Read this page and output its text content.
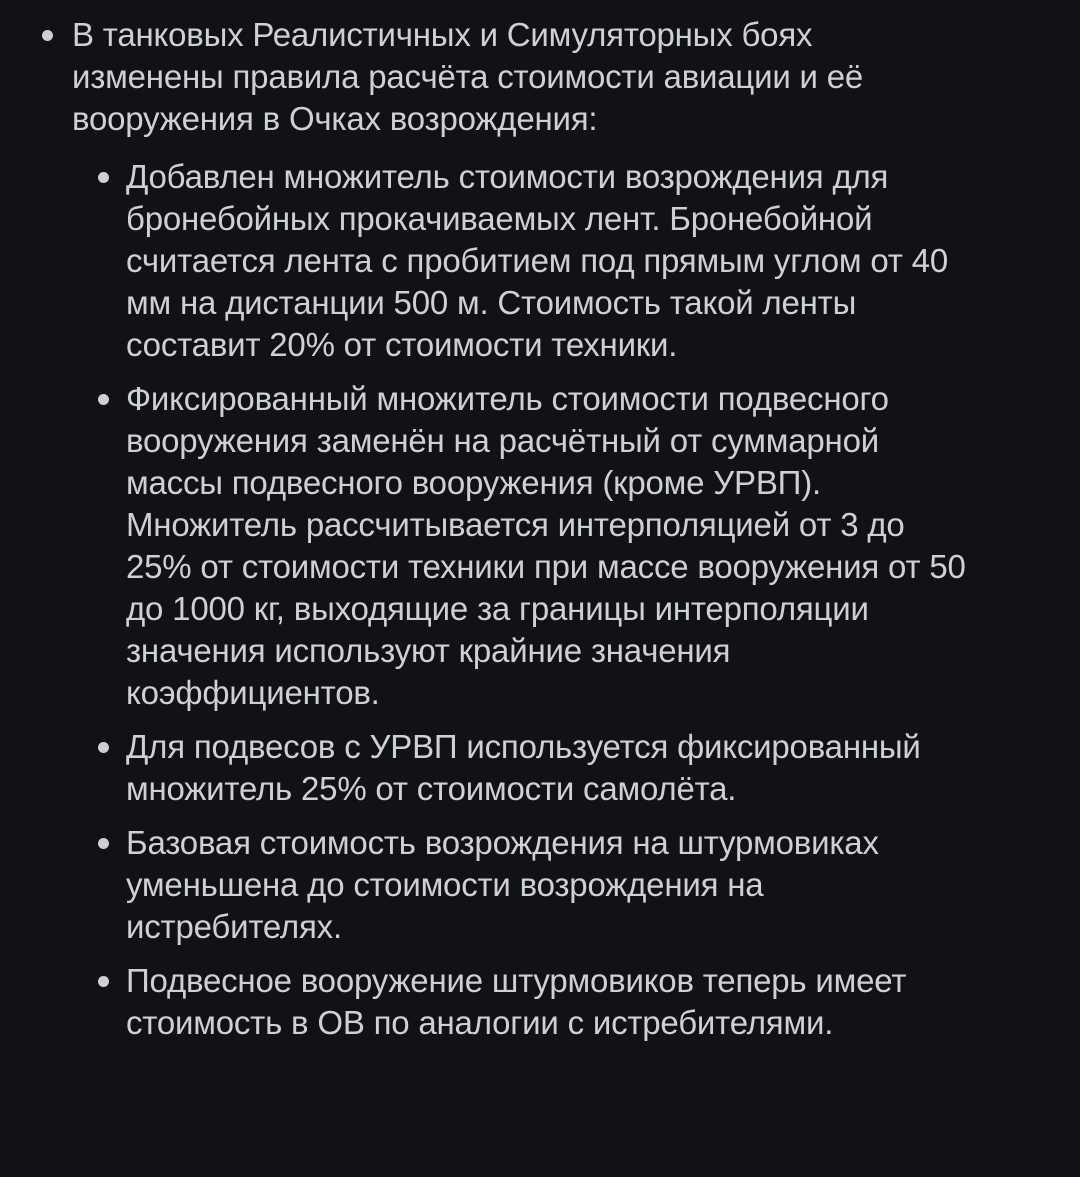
В танковых Реалистичных и Симуляторных боях изменены правила расчёта стоимости авиации и её вооружения в Очках возрождения:
Добавлен множитель стоимости возрождения для бронебойных прокачиваемых лент. Бронебойной считается лента с пробитием под прямым углом от 40 мм на дистанции 500 м. Стоимость такой ленты составит 20% от стоимости техники.
Фиксированный множитель стоимости подвесного вооружения заменён на расчётный от суммарной массы подвесного вооружения (кроме УРВП). Множитель рассчитывается интерполяцией от 3 до 25% от стоимости техники при массе вооружения от 50 до 1000 кг, выходящие за границы интерполяции значения используют крайние значения коэффициентов.
Для подвесов с УРВП используется фиксированный множитель 25% от стоимости самолёта.
Базовая стоимость возрождения на штурмовиках уменьшена до стоимости возрождения на истребителях.
Подвесное вооружение штурмовиков теперь имеет стоимость в ОВ по аналогии с истребителями.
